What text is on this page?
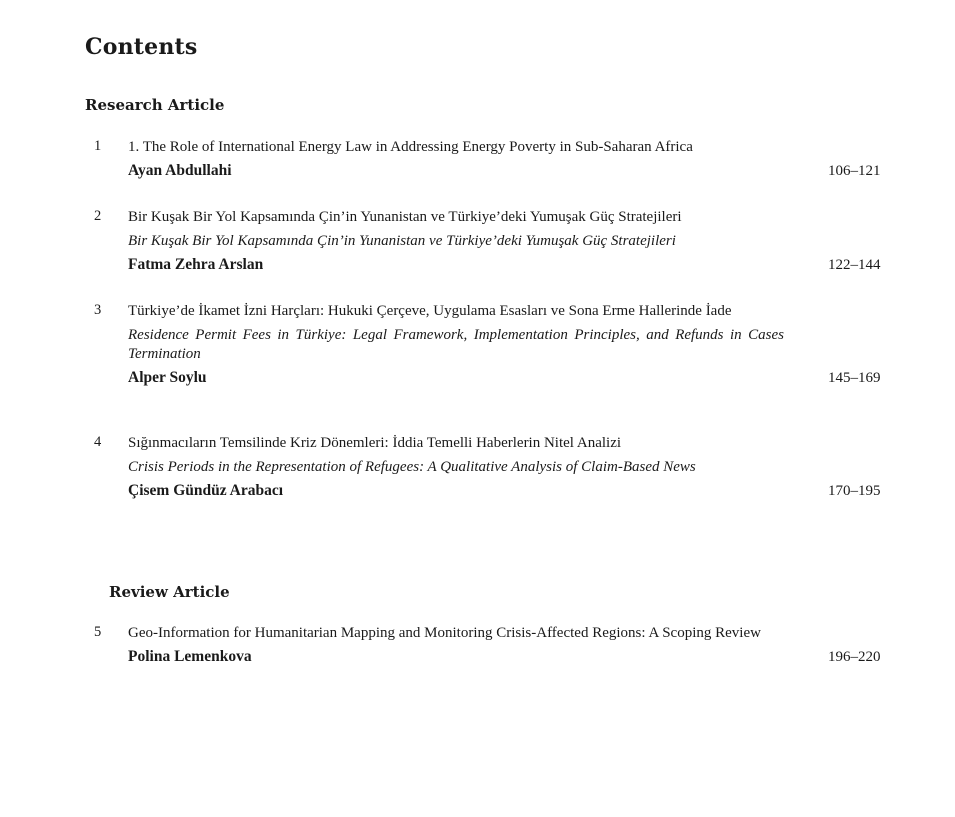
Contents
Research Article
1 1. The Role of International Energy Law in Addressing Energy Poverty in Sub-Saharan Africa

Ayan Abdullahi	106–121
2 Bir Kuşak Bir Yol Kapsamında Çin’in Yunanistan ve Türkiye’deki Yumuşak Güç Stratejileri

Bir Kuşak Bir Yol Kapsamında Çin’in Yunanistan ve Türkiye’deki Yumuşak Güç Stratejileri

Fatma Zehra Arslan	122–144
3 Türkiye’de İkamet İzni Harçları: Hukuki Çerçeve, Uygulama Esasları ve Sona Erme Hallerinde İade

Residence Permit Fees in Türkiye: Legal Framework, Implementation Principles, and Refunds in Cases Termination

Alper Soylu	145–169
4 Sığınmacıların Temsilinde Kriz Dönemleri: İddia Temelli Haberlerin Nitel Analizi

Crisis Periods in the Representation of Refugees: A Qualitative Analysis of Claim-Based News

Çisem Gündüz Arabacı	170–195
Review Article
5 Geo-Information for Humanitarian Mapping and Monitoring Crisis-Affected Regions: A Scoping Review

Polina Lemenkova	196–220
